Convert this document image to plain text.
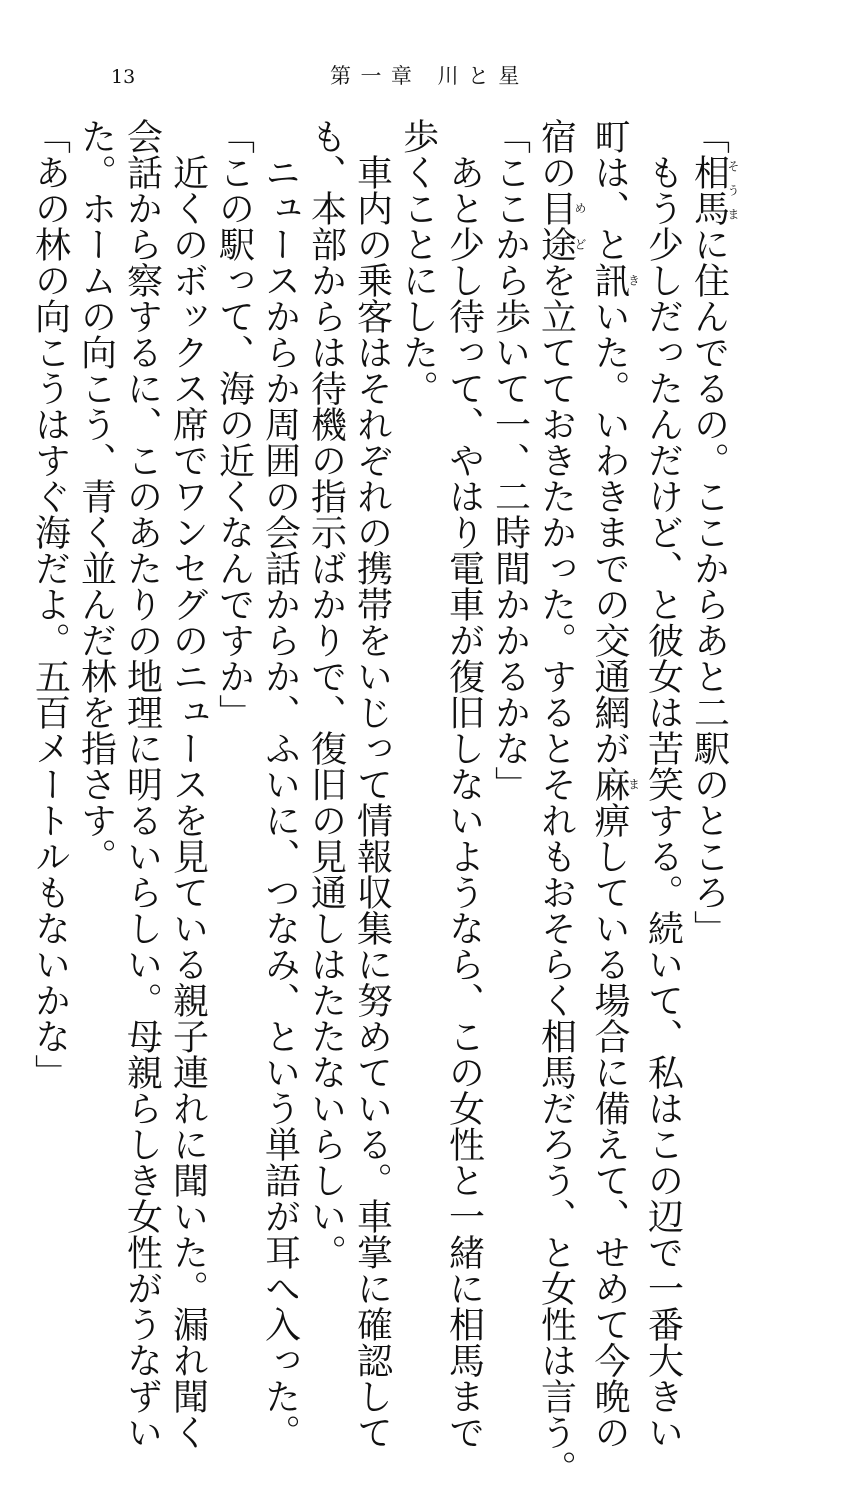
13	第一章 川と星
「相馬そうまに住んでるの。ここからあと二駅のところ」
　もう少しだったんだけど、と彼女は苦笑する。続いて、私はこの辺で一番大きい
町は、と訊きいた。いわきまでの交通網が麻ま痹している場合に備えて、せめて今晩の
宿の目途めどを立てておきたかった。するとそれもおそらく相馬だろう、と女性は言う。
「ここから歩いて一、二時間かかるかな」
　あと少し待って、やはり電車が復旧しないようなら、この女性と一緒に相馬まで
歩くことにした。
　車内の乗客はそれぞれの携帯をいじって情報収集に努めている。車掌に確認して
も、本部からは待機の指示ばかりで、復旧の見通しはたたないらしい。
　ニュースからか周囲の会話からか、ふいに、つなみ、という単語が耳へ入った。
「この駅って、海の近くなんですか」
　近くのボックス席でワンセグのニュースを見ている親子連れに聞いた。漏れ聞く
会話から察するに、このあたりの地理に明るいらしい。母親らしき女性がうなずい
た。ホームの向こう、青く並んだ林を指さす。
「あの林の向こうはすぐ海だよ。五百メートルもないかな」
